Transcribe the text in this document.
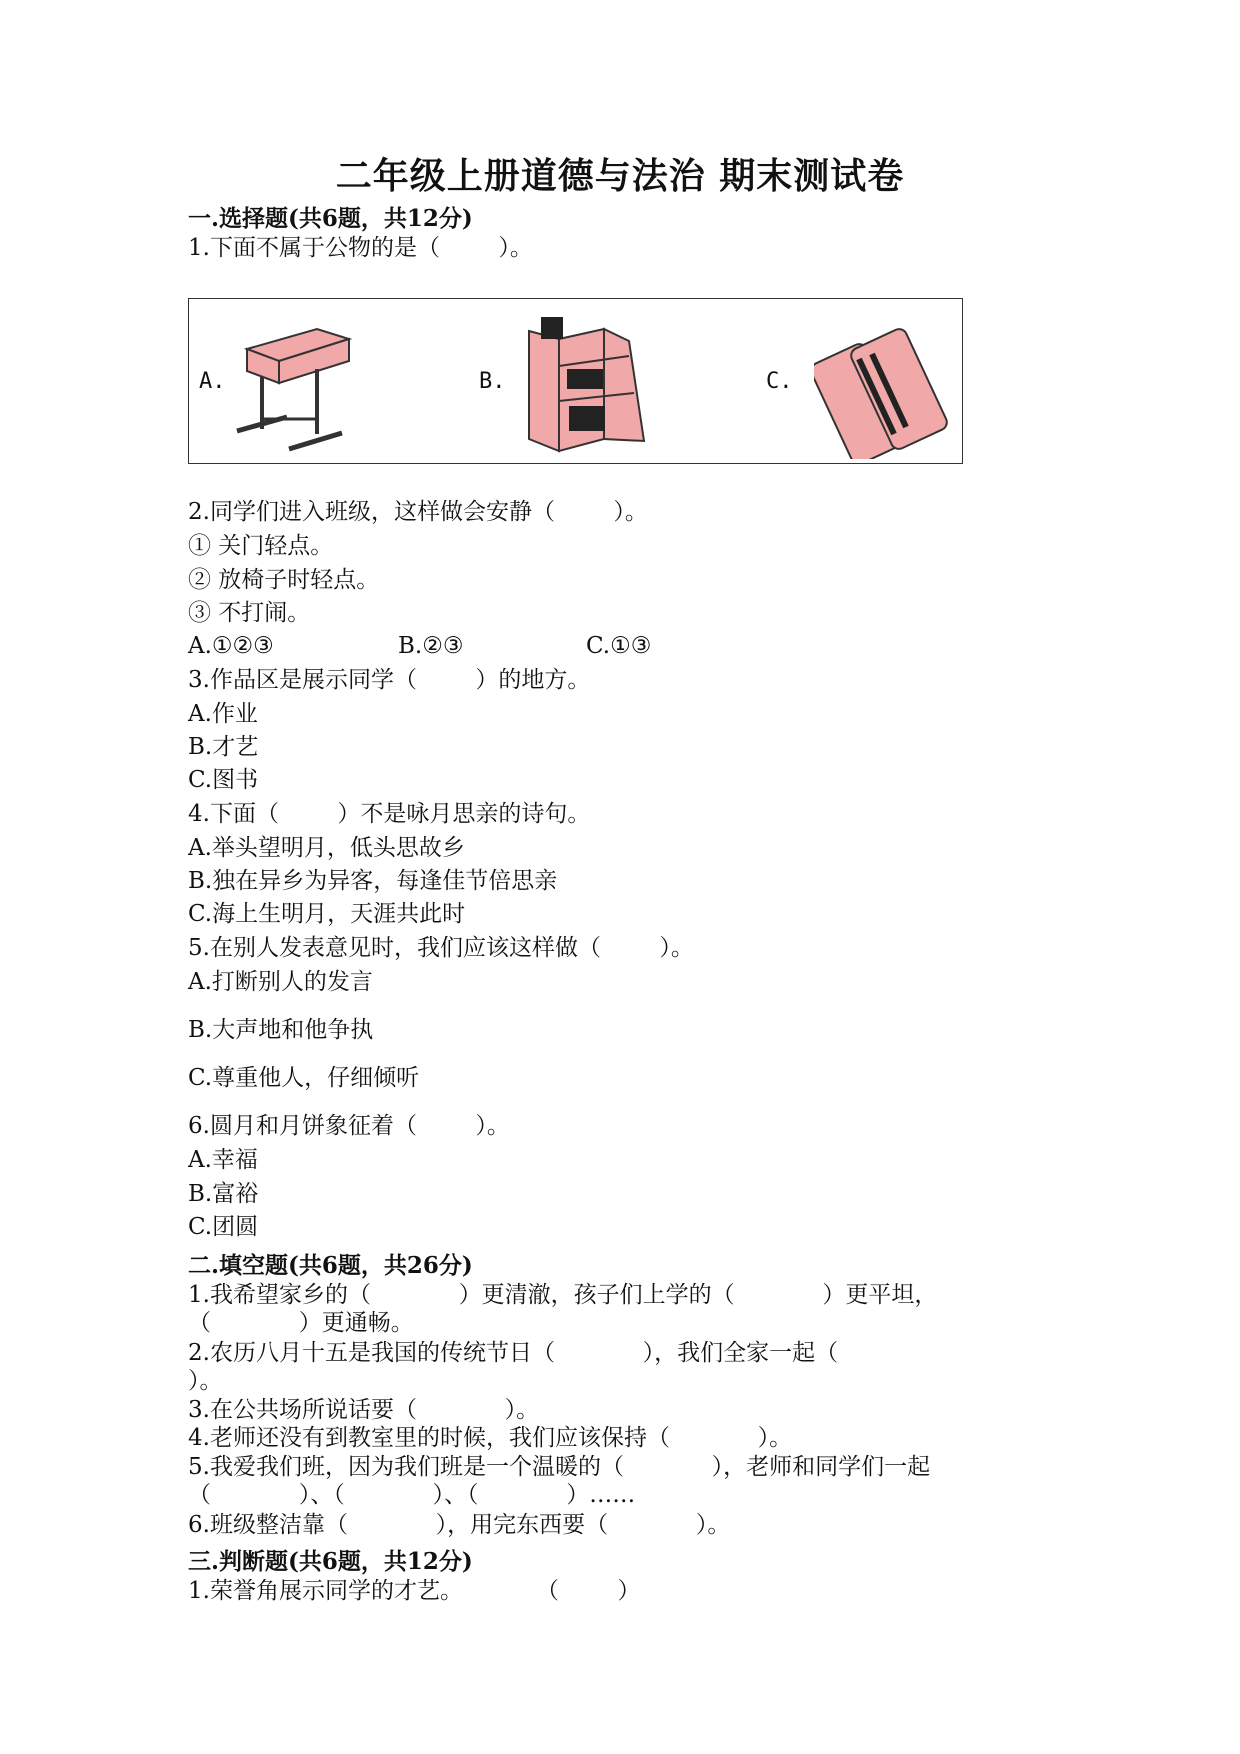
二年级上册道德与法治 期末测试卷
一.选择题(共6题，共12分)
1.下面不属于公物的是（        ）。
A.	B.	C.
2.同学们进入班级，这样做会安静（        ）。
① 关门轻点。
② 放椅子时轻点。
③ 不打闹。
A.①②③	B.②③	C.①③
3.作品区是展示同学（        ）的地方。
A.作业
B.才艺
C.图书
4.下面（        ）不是咏月思亲的诗句。
A.举头望明月，低头思故乡
B.独在异乡为异客，每逢佳节倍思亲
C.海上生明月，天涯共此时
5.在别人发表意见时，我们应该这样做（        ）。
A.打断别人的发言
B.大声地和他争执
C.尊重他人，仔细倾听
6.圆月和月饼象征着（        ）。
A.幸福
B.富裕
C.团圆
二.填空题(共6题，共26分)
1.我希望家乡的（            ）更清澈，孩子们上学的（            ）更平坦，
（            ）更通畅。
2.农历八月十五是我国的传统节日（            ），我们全家一起（
）。
3.在公共场所说话要（            ）。
4.老师还没有到教室里的时候，我们应该保持（            ）。
5.我爱我们班，因为我们班是一个温暖的（            ），老师和同学们一起
（            ）、（            ）、（            ）……
6.班级整洁靠（            ），用完东西要（            ）。
三.判断题(共6题，共12分)
1.荣誉角展示同学的才艺。          （        ）
